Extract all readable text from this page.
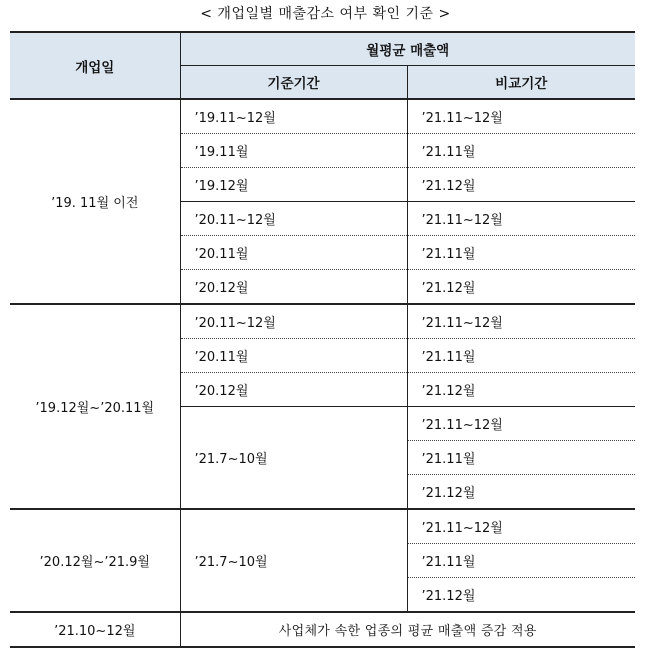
< 개업일별 매출감소 여부 확인 기준 >
개업일	월평균 매출액	
	기준기간	비교기간
’19. 11월 이전	’19.11~12월	’21.11~12월
	’19.11월	’21.11월
	’19.12월	’21.12월
	’20.11~12월	’21.11~12월
	’20.11월	’21.11월
	’20.12월	’21.12월
’19.12월~’20.11월	’20.11~12월	’21.11~12월
	’20.11월	’21.11월
	’20.12월	’21.12월
	’21.7~10월	’21.11~12월
		’21.11월
		’21.12월
’20.12월~’21.9월	’21.7~10월	’21.11~12월
		’21.11월
		’21.12월
’21.10~12월	사업체가 속한 업종의 평균 매출액 증감 적용	
